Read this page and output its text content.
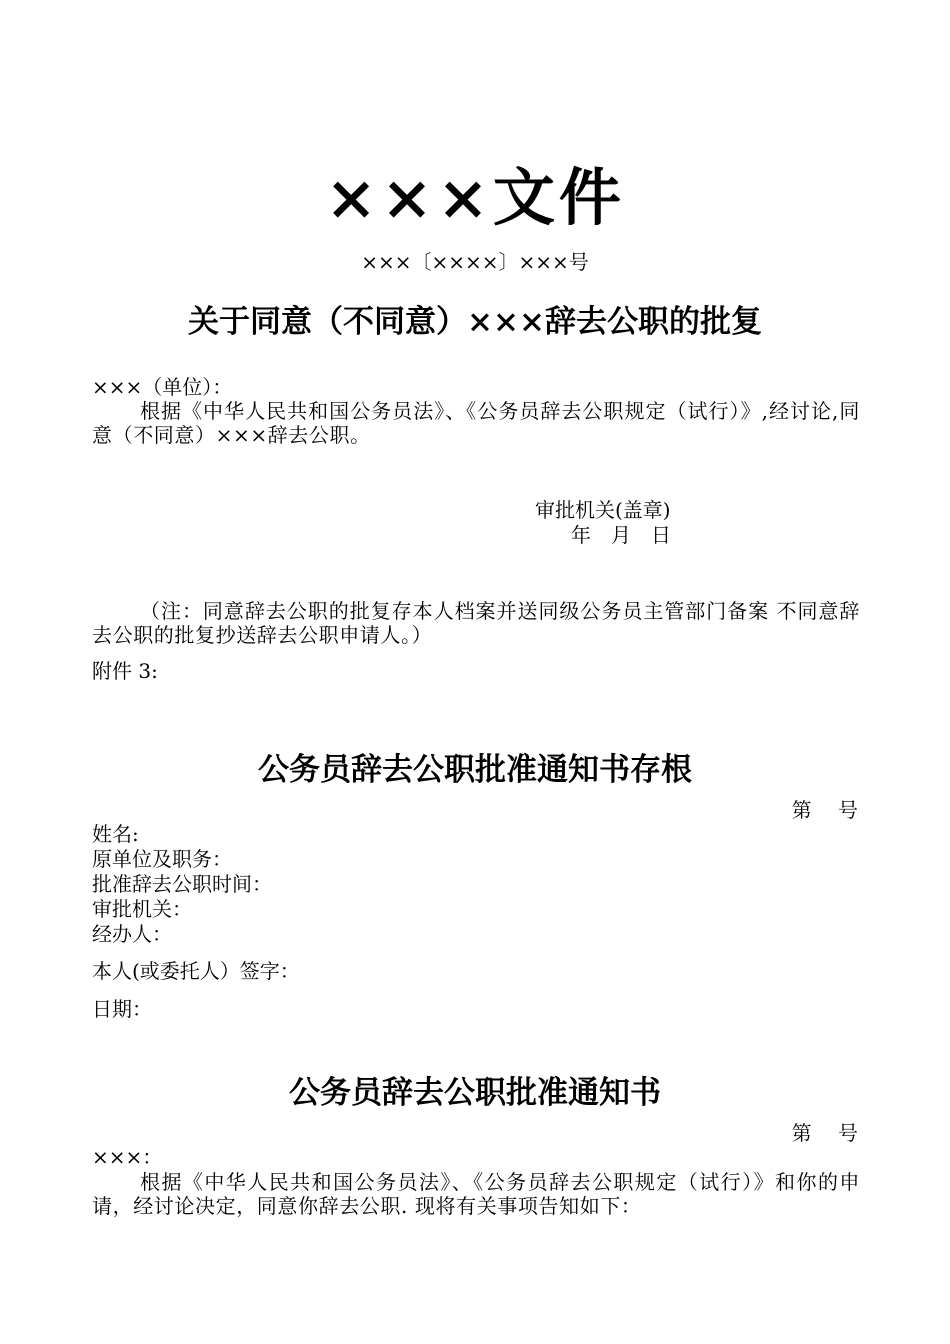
×××文件
×××〔××××〕×××号
关于同意（不同意）×××辞去公职的批复
×××（单位）：
根据《中华人民共和国公务员法》、《公务员辞去公职规定（试行）》,经讨论,同意（不同意）×××辞去公职。
审批机关(盖章)
年　月　日
（注：同意辞去公职的批复存本人档案并送同级公务员主管部门备案 不同意辞去公职的批复抄送辞去公职申请人。）
附件 3:
公务员辞去公职批准通知书存根
第　 号
姓名:
原单位及职务：
批准辞去公职时间：
审批机关：
经办人：
本人(或委托人）签字：
日期：
公务员辞去公职批准通知书
第　 号
×××：
根据《中华人民共和国公务员法》、《公务员辞去公职规定（试行）》和你的申请，经讨论决定，同意你辞去公职. 现将有关事项告知如下：
